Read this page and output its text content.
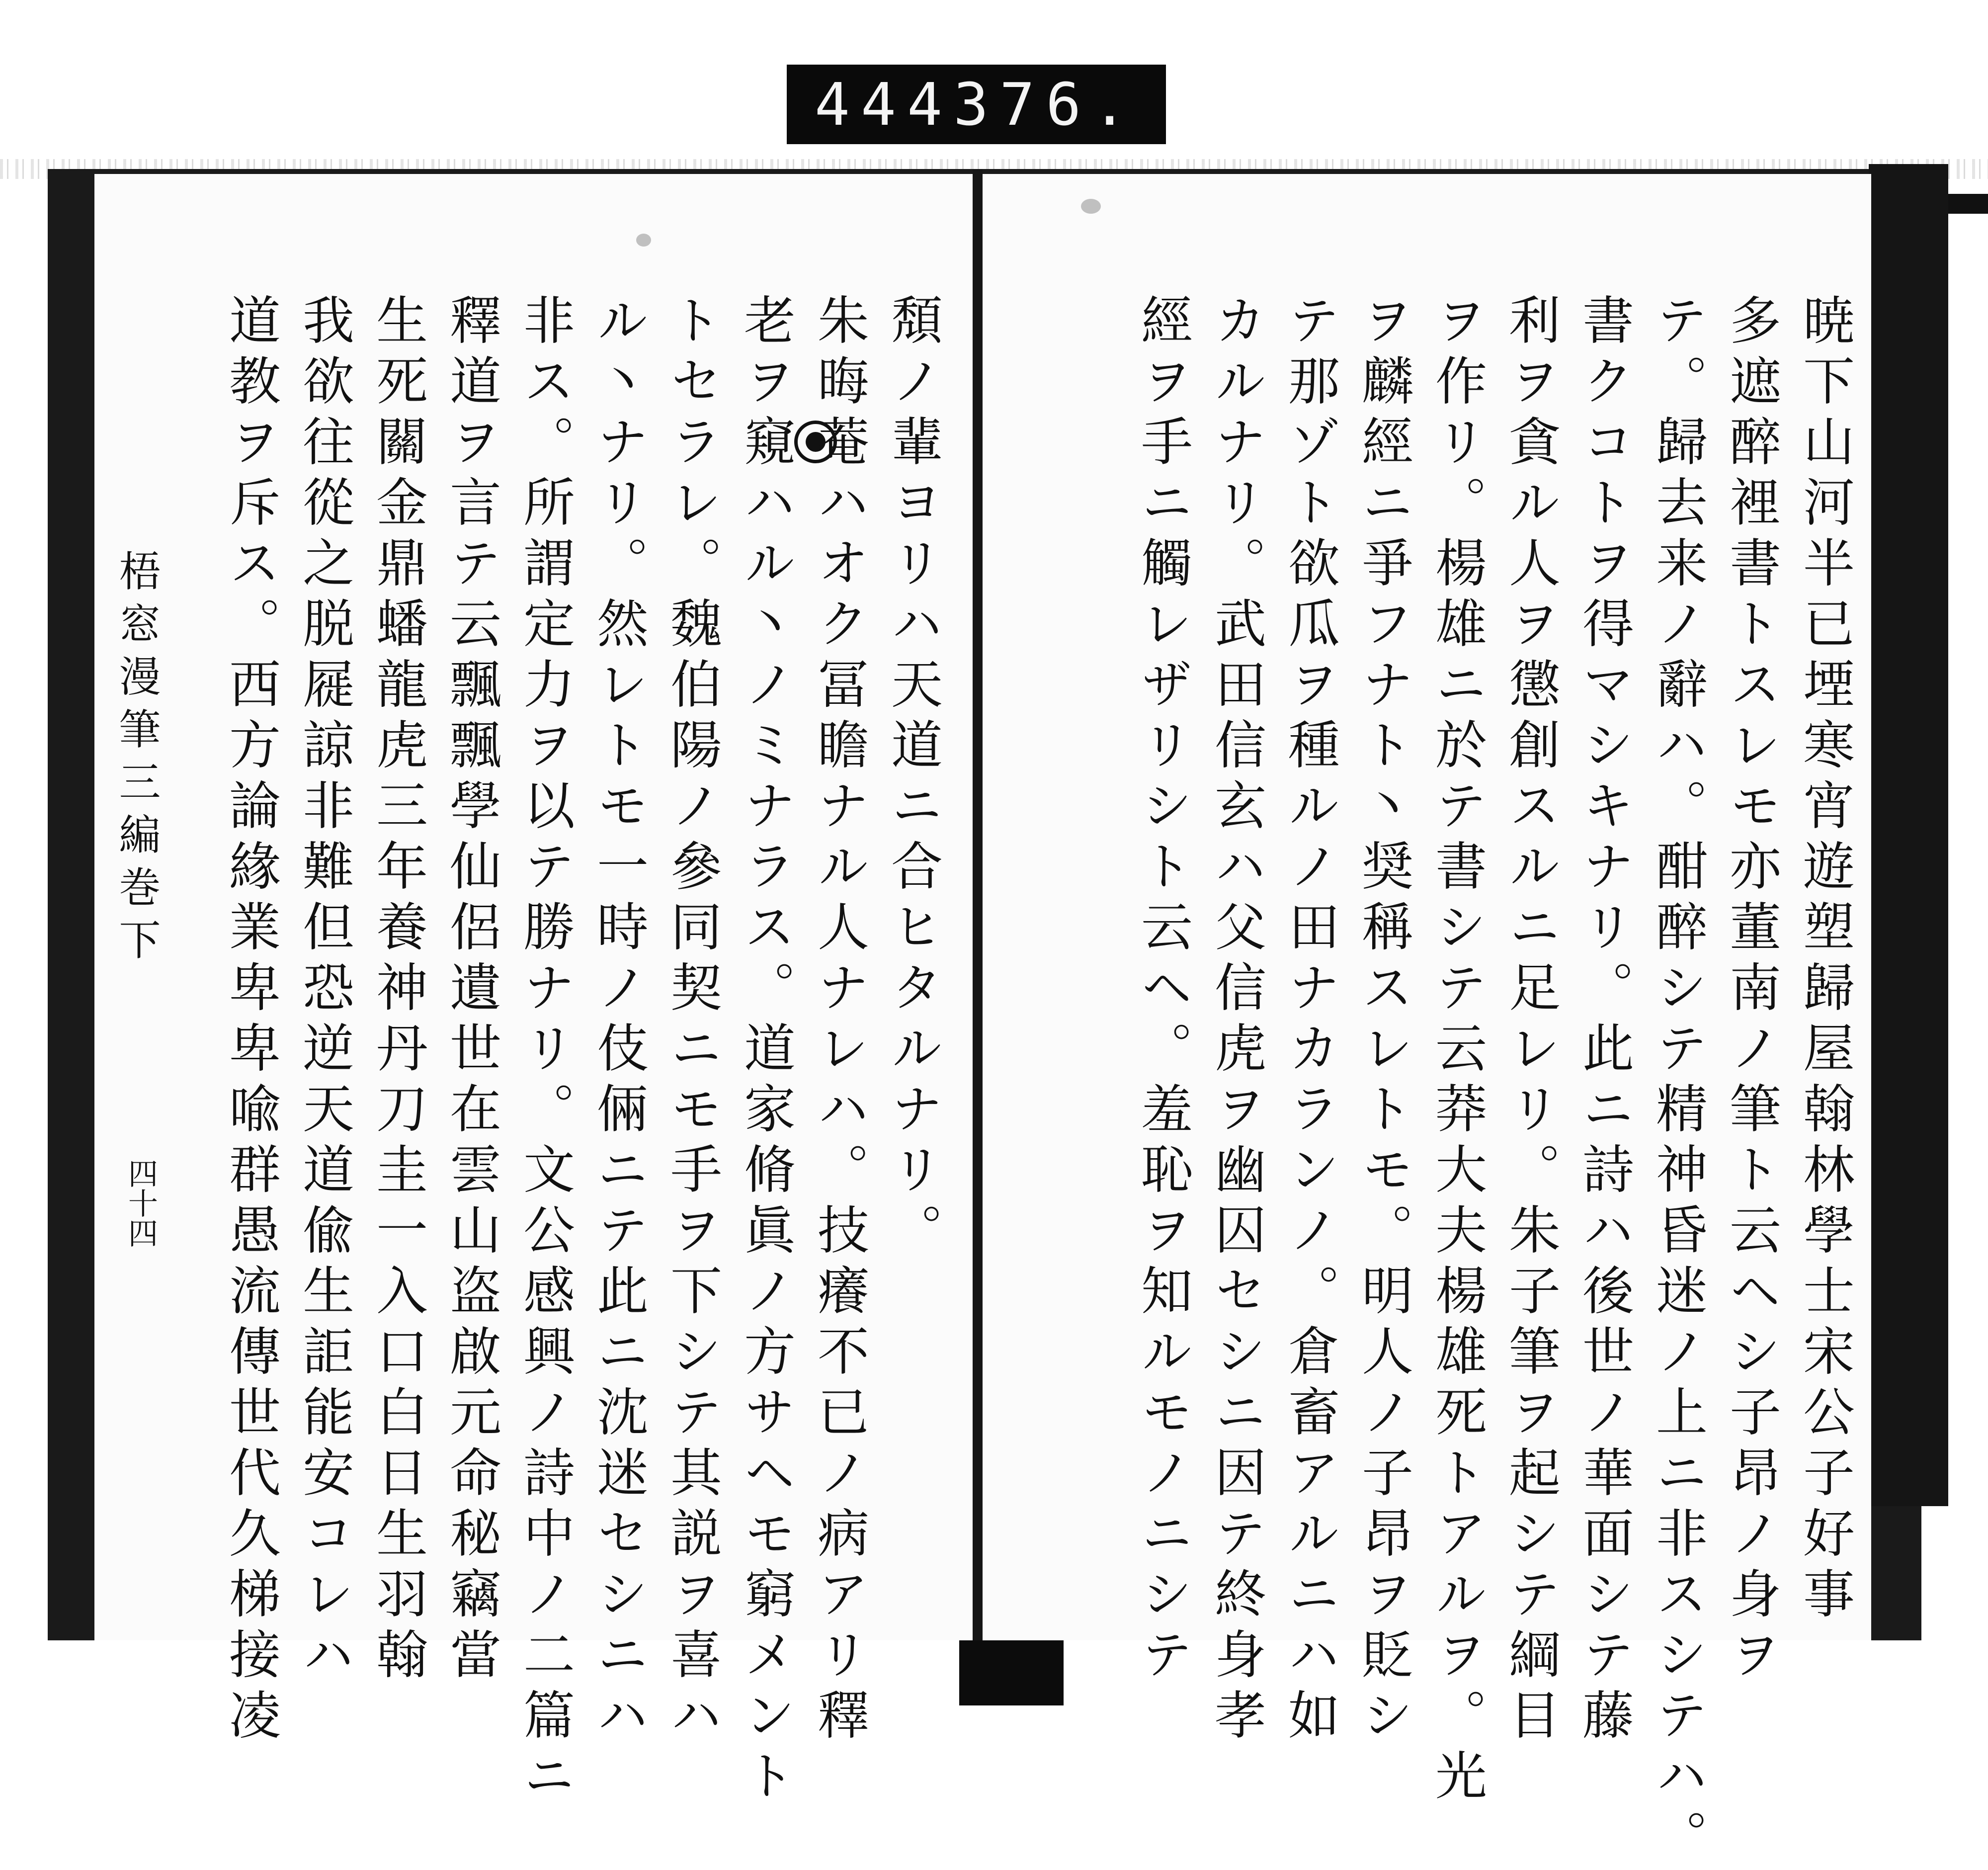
444 376.
梧窓漫筆三編巻下
四十四	頽ノ輩ヨリハ天道ニ合ヒタルナリ。
朱晦菴ハオク冨瞻ナル人ナレハ。技癢不已ノ病アリ釋
老ヲ窺ハル丶ノミナラス。道家脩眞ノ方サヘモ窮メント
トセラレ。魏伯陽ノ參同契ニモ手ヲ下シテ其説ヲ喜ハ
ル丶ナリ。然レトモ一時ノ伎倆ニテ此ニ沈迷セシニハ
非ス。所謂定力ヲ以テ勝ナリ。文公感興ノ詩中ノ二篇ニ
釋道ヲ言テ云飄飄學仙侶遺世在雲山盗啟元命秘竊當
生死關金鼎蟠龍虎三年養神丹刀圭一入口白日生羽翰
我欲往從之脱屣諒非難但恐逆天道偸生詎能安コレハ
道教ヲ斥ス。西方論緣業卑卑喩群愚流傳世代久梯接凌	暁下山河半已堙寒宵遊塑歸屋翰林學士宋公子好事
多遮醉裡書トスレモ亦董南ノ筆ト云ヘシ子昂ノ身ヲ
テ。歸去来ノ辭ハ。酣醉シテ精神昏迷ノ上ニ非スシテハ。
書クコトヲ得マシキナリ。此ニ詩ハ後世ノ華面シテ藤
利ヲ貪ル人ヲ懲創スルニ足レリ。朱子筆ヲ起シテ綱目
ヲ作リ。楊雄ニ於テ書シテ云莽大夫楊雄死トアルヲ。光
ヲ麟經ニ爭フナト丶奨稱スレトモ。明人ノ子昂ヲ貶シ
テ那ゾト欲瓜ヲ種ルノ田ナカランノ。倉畜アルニハ如
カルナリ。武田信玄ハ父信虎ヲ幽囚セシニ因テ終身孝
經ヲ手ニ觸レザリシト云ヘ。羞恥ヲ知ルモノニシテ
